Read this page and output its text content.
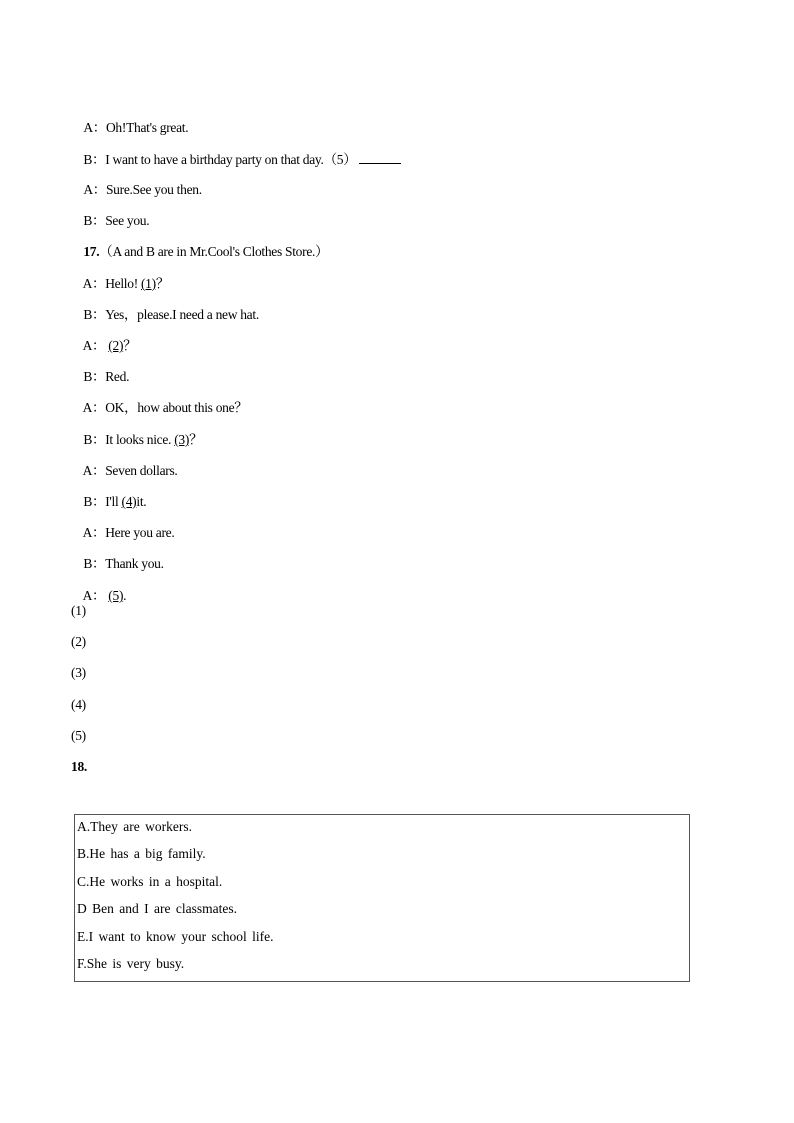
A：Oh!That's great.

B：I want to have a birthday party on that day.（5）

A：Sure.See you then.

B：See you.

17.（A and B are in Mr.Cool's Clothes Store.）

A：Hello! (1)？

B：Yes，please.I need a new hat.

A： (2)？

B：Red.

A：OK，how about this one？

B：It looks nice. (3)？

A：Seven dollars.

B：I'll (4)it.

A：Here you are.

B：Thank you.

A： (5).

(1)
(2)
(3)
(4)
(5)
18.
A.They are workers.
B.He has a big family.
C.He works in a hospital.
D Ben and I are classmates.
E.I want to know your school life.
F.She is very busy.
